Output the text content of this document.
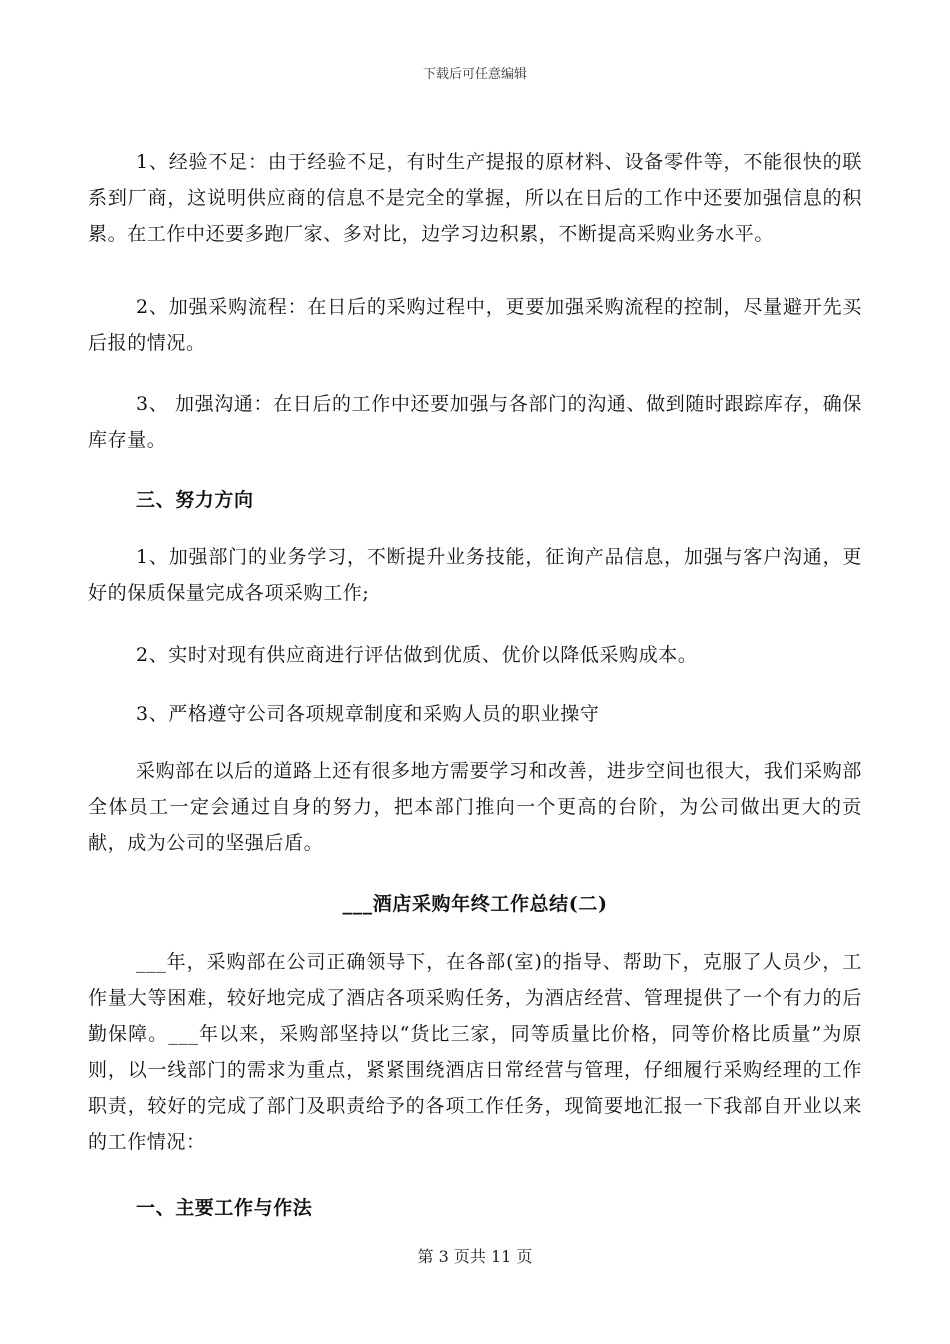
下载后可任意编辑
1、经验不足：由于经验不足，有时生产提报的原材料、设备零件等，不能很快的联系到厂商，这说明供应商的信息不是完全的掌握，所以在日后的工作中还要加强信息的积累。在工作中还要多跑厂家、多对比，边学习边积累，不断提高采购业务水平。
2、加强采购流程：在日后的采购过程中，更要加强采购流程的控制，尽量避开先买后报的情况。
3、 加强沟通：在日后的工作中还要加强与各部门的沟通、做到随时跟踪库存，确保库存量。
三、努力方向
1、加强部门的业务学习，不断提升业务技能，征询产品信息，加强与客户沟通，更好的保质保量完成各项采购工作;
2、实时对现有供应商进行评估做到优质、优价以降低采购成本。
3、严格遵守公司各项规章制度和采购人员的职业操守
采购部在以后的道路上还有很多地方需要学习和改善，进步空间也很大，我们采购部全体员工一定会通过自身的努力，把本部门推向一个更高的台阶，为公司做出更大的贡献，成为公司的坚强后盾。
___酒店采购年终工作总结(二)
___年，采购部在公司正确领导下，在各部(室)的指导、帮助下，克服了人员少，工作量大等困难，较好地完成了酒店各项采购任务，为酒店经营、管理提供了一个有力的后勤保障。___年以来，采购部坚持以“货比三家，同等质量比价格，同等价格比质量”为原则，以一线部门的需求为重点，紧紧围绕酒店日常经营与管理，仔细履行采购经理的工作职责，较好的完成了部门及职责给予的各项工作任务，现简要地汇报一下我部自开业以来的工作情况：
一、主要工作与作法
第 3 页共 11 页
